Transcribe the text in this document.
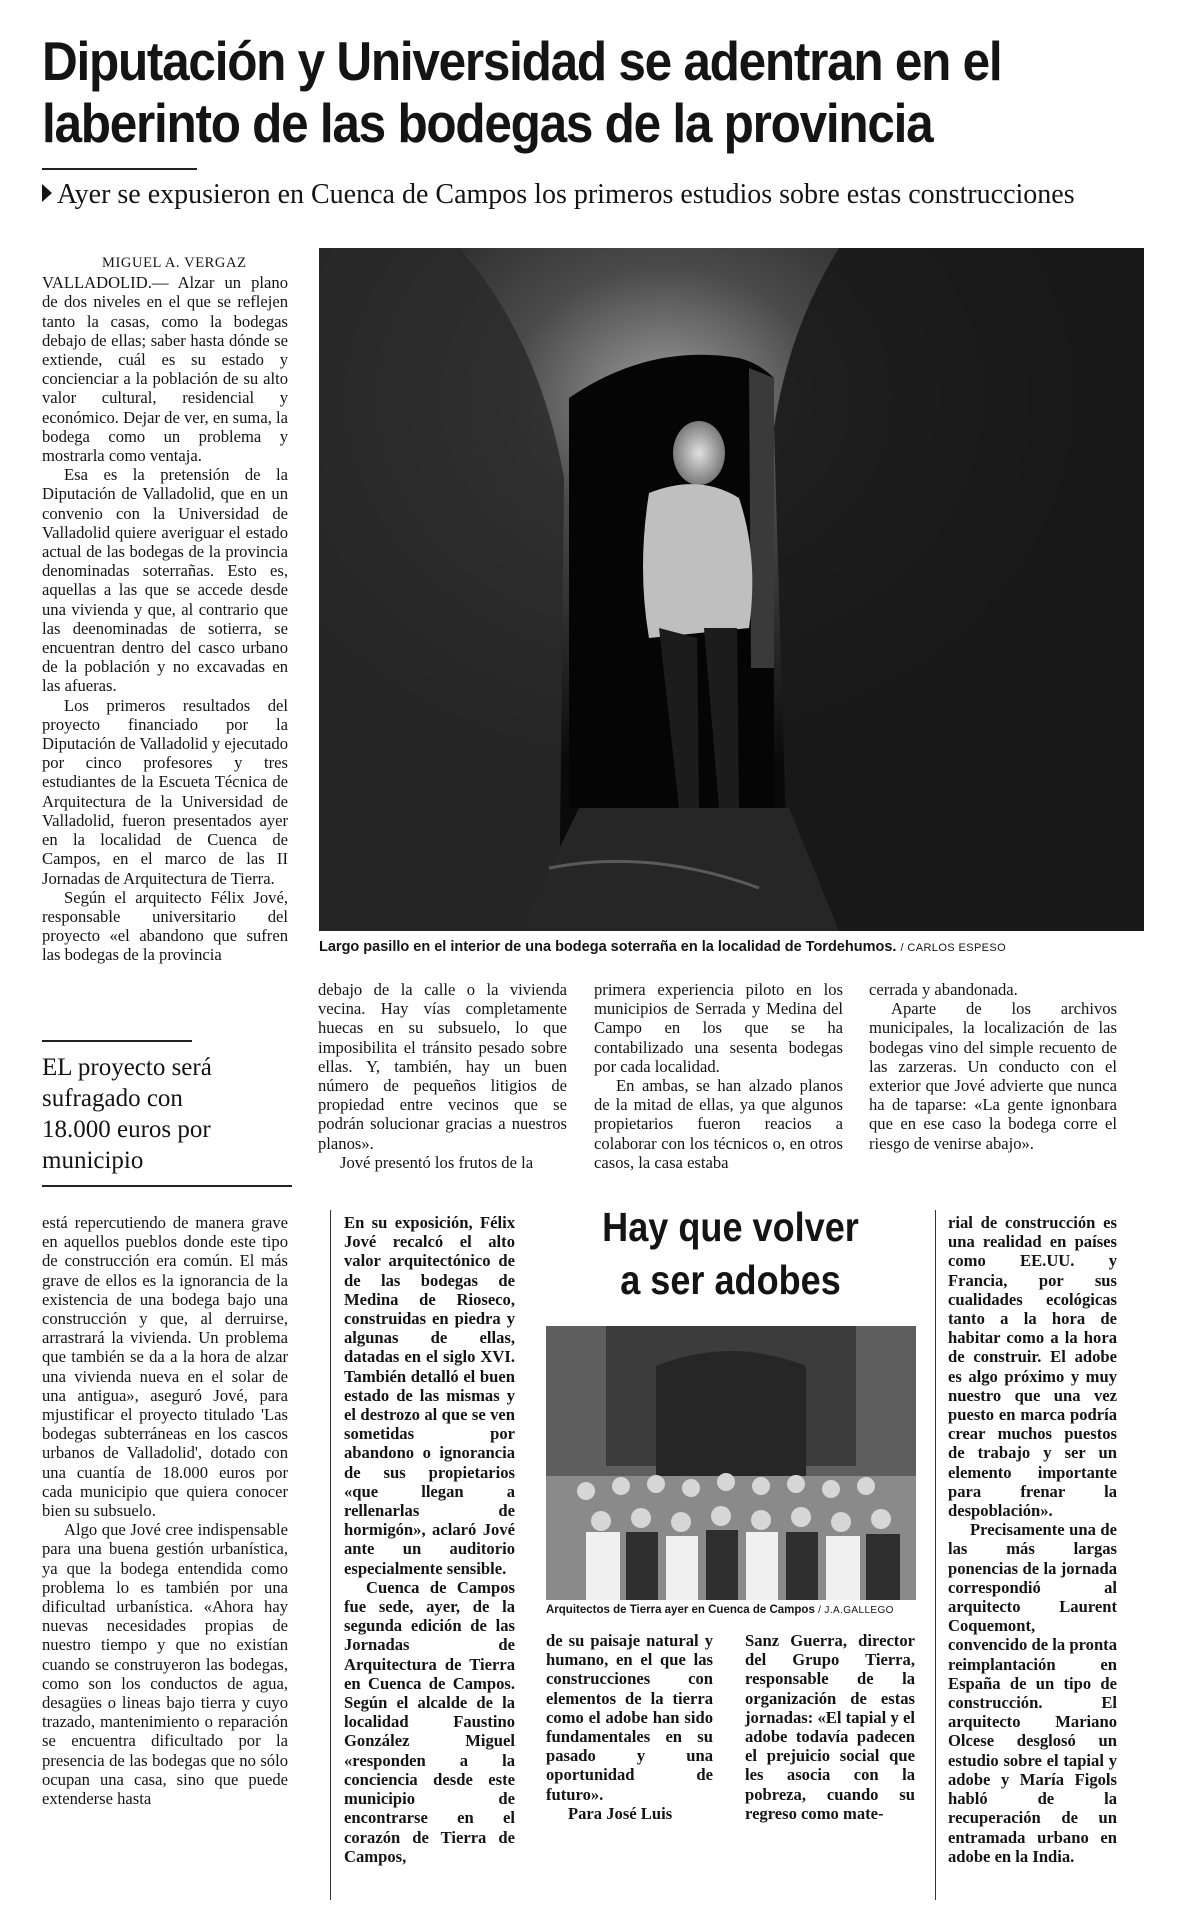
Diputación y Universidad se adentran en el
laberinto de las bodegas de la provincia
Ayer se expusieron en Cuenca de Campos los primeros estudios sobre estas construcciones

MIGUEL A. VERGAZ

VALLADOLID.— Alzar un plano de dos niveles en el que se reflejen tanto la casas, como la bodegas debajo de ellas; saber hasta dónde se extiende, cuál es su estado y concienciar a la población de su alto valor cultural, residencial y económico. Dejar de ver, en suma, la bodega como un problema y mostrarla como ventaja.

Esa es la pretensión de la Diputación de Valladolid, que en un convenio con la Universidad de Valladolid quiere averiguar el estado actual de las bodegas de la provincia denominadas soterrañas. Esto es, aquellas a las que se accede desde una vivienda y que, al contrario que las deenominadas de sotierra, se encuentran dentro del casco urbano de la población y no excavadas en las afueras.

Los primeros resultados del proyecto financiado por la Diputación de Valladolid y ejecutado por cinco profesores y tres estudiantes de la Escueta Técnica de Arquitectura de la Universidad de Valladolid, fueron presentados ayer en la localidad de Cuenca de Campos, en el marco de las II Jornadas de Arquitectura de Tierra.

Según el arquitecto Félix Jové, responsable universitario del proyecto «el abandono que sufren las bodegas de la provincia

EL proyecto será sufragado con 18.000 euros por municipio
Largo pasillo en el interior de una bodega soterraña en la localidad de Tordehumos. / CARLOS ESPESO

debajo de la calle o la vivienda vecina. Hay vías completamente huecas en su subsuelo, lo que imposibilita el tránsito pesado sobre ellas. Y, también, hay un buen número de pequeños litigios de propiedad entre vecinos que se podrán solucionar gracias a nuestros planos».

Jové presentó los frutos de la

primera experiencia piloto en los municipios de Serrada y Medina del Campo en los que se ha contabilizado una sesenta bodegas por cada localidad.

En ambas, se han alzado planos de la mitad de ellas, ya que algunos propietarios fueron reacios a colaborar con los técnicos o, en otros casos, la casa estaba

cerrada y abandonada.

Aparte de los archivos municipales, la localización de las bodegas vino del simple recuento de las zarzeras. Un conducto con el exterior que Jové advierte que nunca ha de taparse: «La gente ignonbara que en ese caso la bodega corre el riesgo de venirse abajo».

está repercutiendo de manera grave en aquellos pueblos donde este tipo de construcción era común. El más grave de ellos es la ignorancia de la existencia de una bodega bajo una construcción y que, al derruirse, arrastrará la vivienda. Un problema que también se da a la hora de alzar una vivienda nueva en el solar de una antigua», aseguró Jové, para mjustificar el proyecto titulado 'Las bodegas subterráneas en los cascos urbanos de Valladolid', dotado con una cuantía de 18.000 euros por cada municipio que quiera conocer bien su subsuelo.

Algo que Jové cree indispensable para una buena gestión urbanística, ya que la bodega entendida como problema lo es también por una dificultad urbanística. «Ahora hay nuevas necesidades propias de nuestro tiempo y que no existían cuando se construyeron las bodegas, como son los conductos de agua, desagües o lineas bajo tierra y cuyo trazado, mantenimiento o reparación se encuentra dificultado por la presencia de las bodegas que no sólo ocupan una casa, sino que puede extenderse hasta

En su exposición, Félix Jové recalcó el alto valor arquitectónico de de las bodegas de Medina de Rioseco, construidas en piedra y algunas de ellas, datadas en el siglo XVI. También detalló el buen estado de las mismas y el destrozo al que se ven sometidas por abandono o ignorancia de sus propietarios «que llegan a rellenarlas de hormigón», aclaró Jové ante un auditorio especialmente sensible.

Cuenca de Campos fue sede, ayer, de la segunda edición de las Jornadas de Arquitectura de Tierra en Cuenca de Campos. Según el alcalde de la localidad Faustino González Miguel «responden a la conciencia desde este municipio de encontrarse en el corazón de Tierra de Campos,

Hay que volver
a ser adobes
Arquitectos de Tierra ayer en Cuenca de Campos / J.A.GALLEGO

de su paisaje natural y humano, en el que las construcciones con elementos de la tierra como el adobe han sido fundamentales en su pasado y una oportunidad de futuro».

Para José Luis

Sanz Guerra, director del Grupo Tierra, responsable de la organización de estas jornadas: «El tapial y el adobe todavía padecen el prejuicio social que les asocia con la pobreza, cuando su regreso como mate-

rial de construcción es una realidad en países como EE.UU. y Francia, por sus cualidades ecológicas tanto a la hora de habitar como a la hora de construir. El adobe es algo próximo y muy nuestro que una vez puesto en marca podría crear muchos puestos de trabajo y ser un elemento importante para frenar la despoblación».

Precisamente una de las más largas ponencias de la jornada correspondió al arquitecto Laurent Coquemont, convencido de la pronta reimplantación en España de un tipo de construcción. El arquitecto Mariano Olcese desglosó un estudio sobre el tapial y adobe y María Figols habló de la recuperación de un entramada urbano en adobe en la India.
